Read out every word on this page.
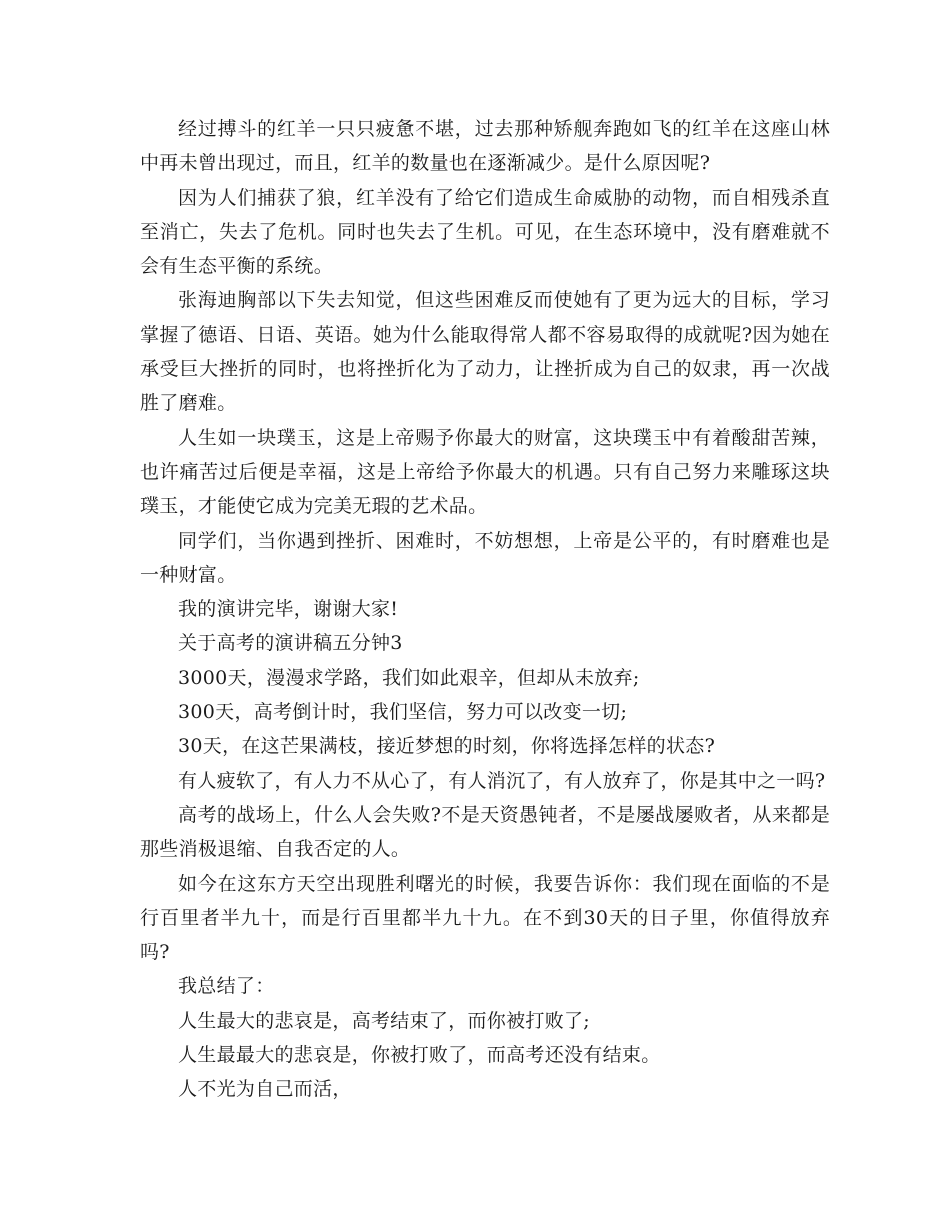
经过搏斗的红羊一只只疲惫不堪，过去那种矫舰奔跑如飞的红羊在这座山林中再未曾出现过，而且，红羊的数量也在逐渐减少。是什么原因呢?

因为人们捕获了狼，红羊没有了给它们造成生命威胁的动物，而自相残杀直至消亡，失去了危机。同时也失去了生机。可见，在生态环境中，没有磨难就不会有生态平衡的系统。

张海迪胸部以下失去知觉，但这些困难反而使她有了更为远大的目标，学习掌握了德语、日语、英语。她为什么能取得常人都不容易取得的成就呢?因为她在承受巨大挫折的同时，也将挫折化为了动力，让挫折成为自己的奴隶，再一次战胜了磨难。

人生如一块璞玉，这是上帝赐予你最大的财富，这块璞玉中有着酸甜苦辣，也许痛苦过后便是幸福，这是上帝给予你最大的机遇。只有自己努力来雕琢这块璞玉，才能使它成为完美无瑕的艺术品。

同学们，当你遇到挫折、困难时，不妨想想，上帝是公平的，有时磨难也是一种财富。

我的演讲完毕，谢谢大家!

关于高考的演讲稿五分钟3

3000天，漫漫求学路，我们如此艰辛，但却从未放弃;

300天，高考倒计时，我们坚信，努力可以改变一切;

30天，在这芒果满枝，接近梦想的时刻，你将选择怎样的状态?

有人疲软了，有人力不从心了，有人消沉了，有人放弃了，你是其中之一吗?

高考的战场上，什么人会失败?不是天资愚钝者，不是屡战屡败者，从来都是那些消极退缩、自我否定的人。

如今在这东方天空出现胜利曙光的时候，我要告诉你：我们现在面临的不是行百里者半九十，而是行百里都半九十九。在不到30天的日子里，你值得放弃吗?

我总结了：

人生最大的悲哀是，高考结束了，而你被打败了;

人生最最大的悲哀是，你被打败了，而高考还没有结束。

人不光为自己而活，
